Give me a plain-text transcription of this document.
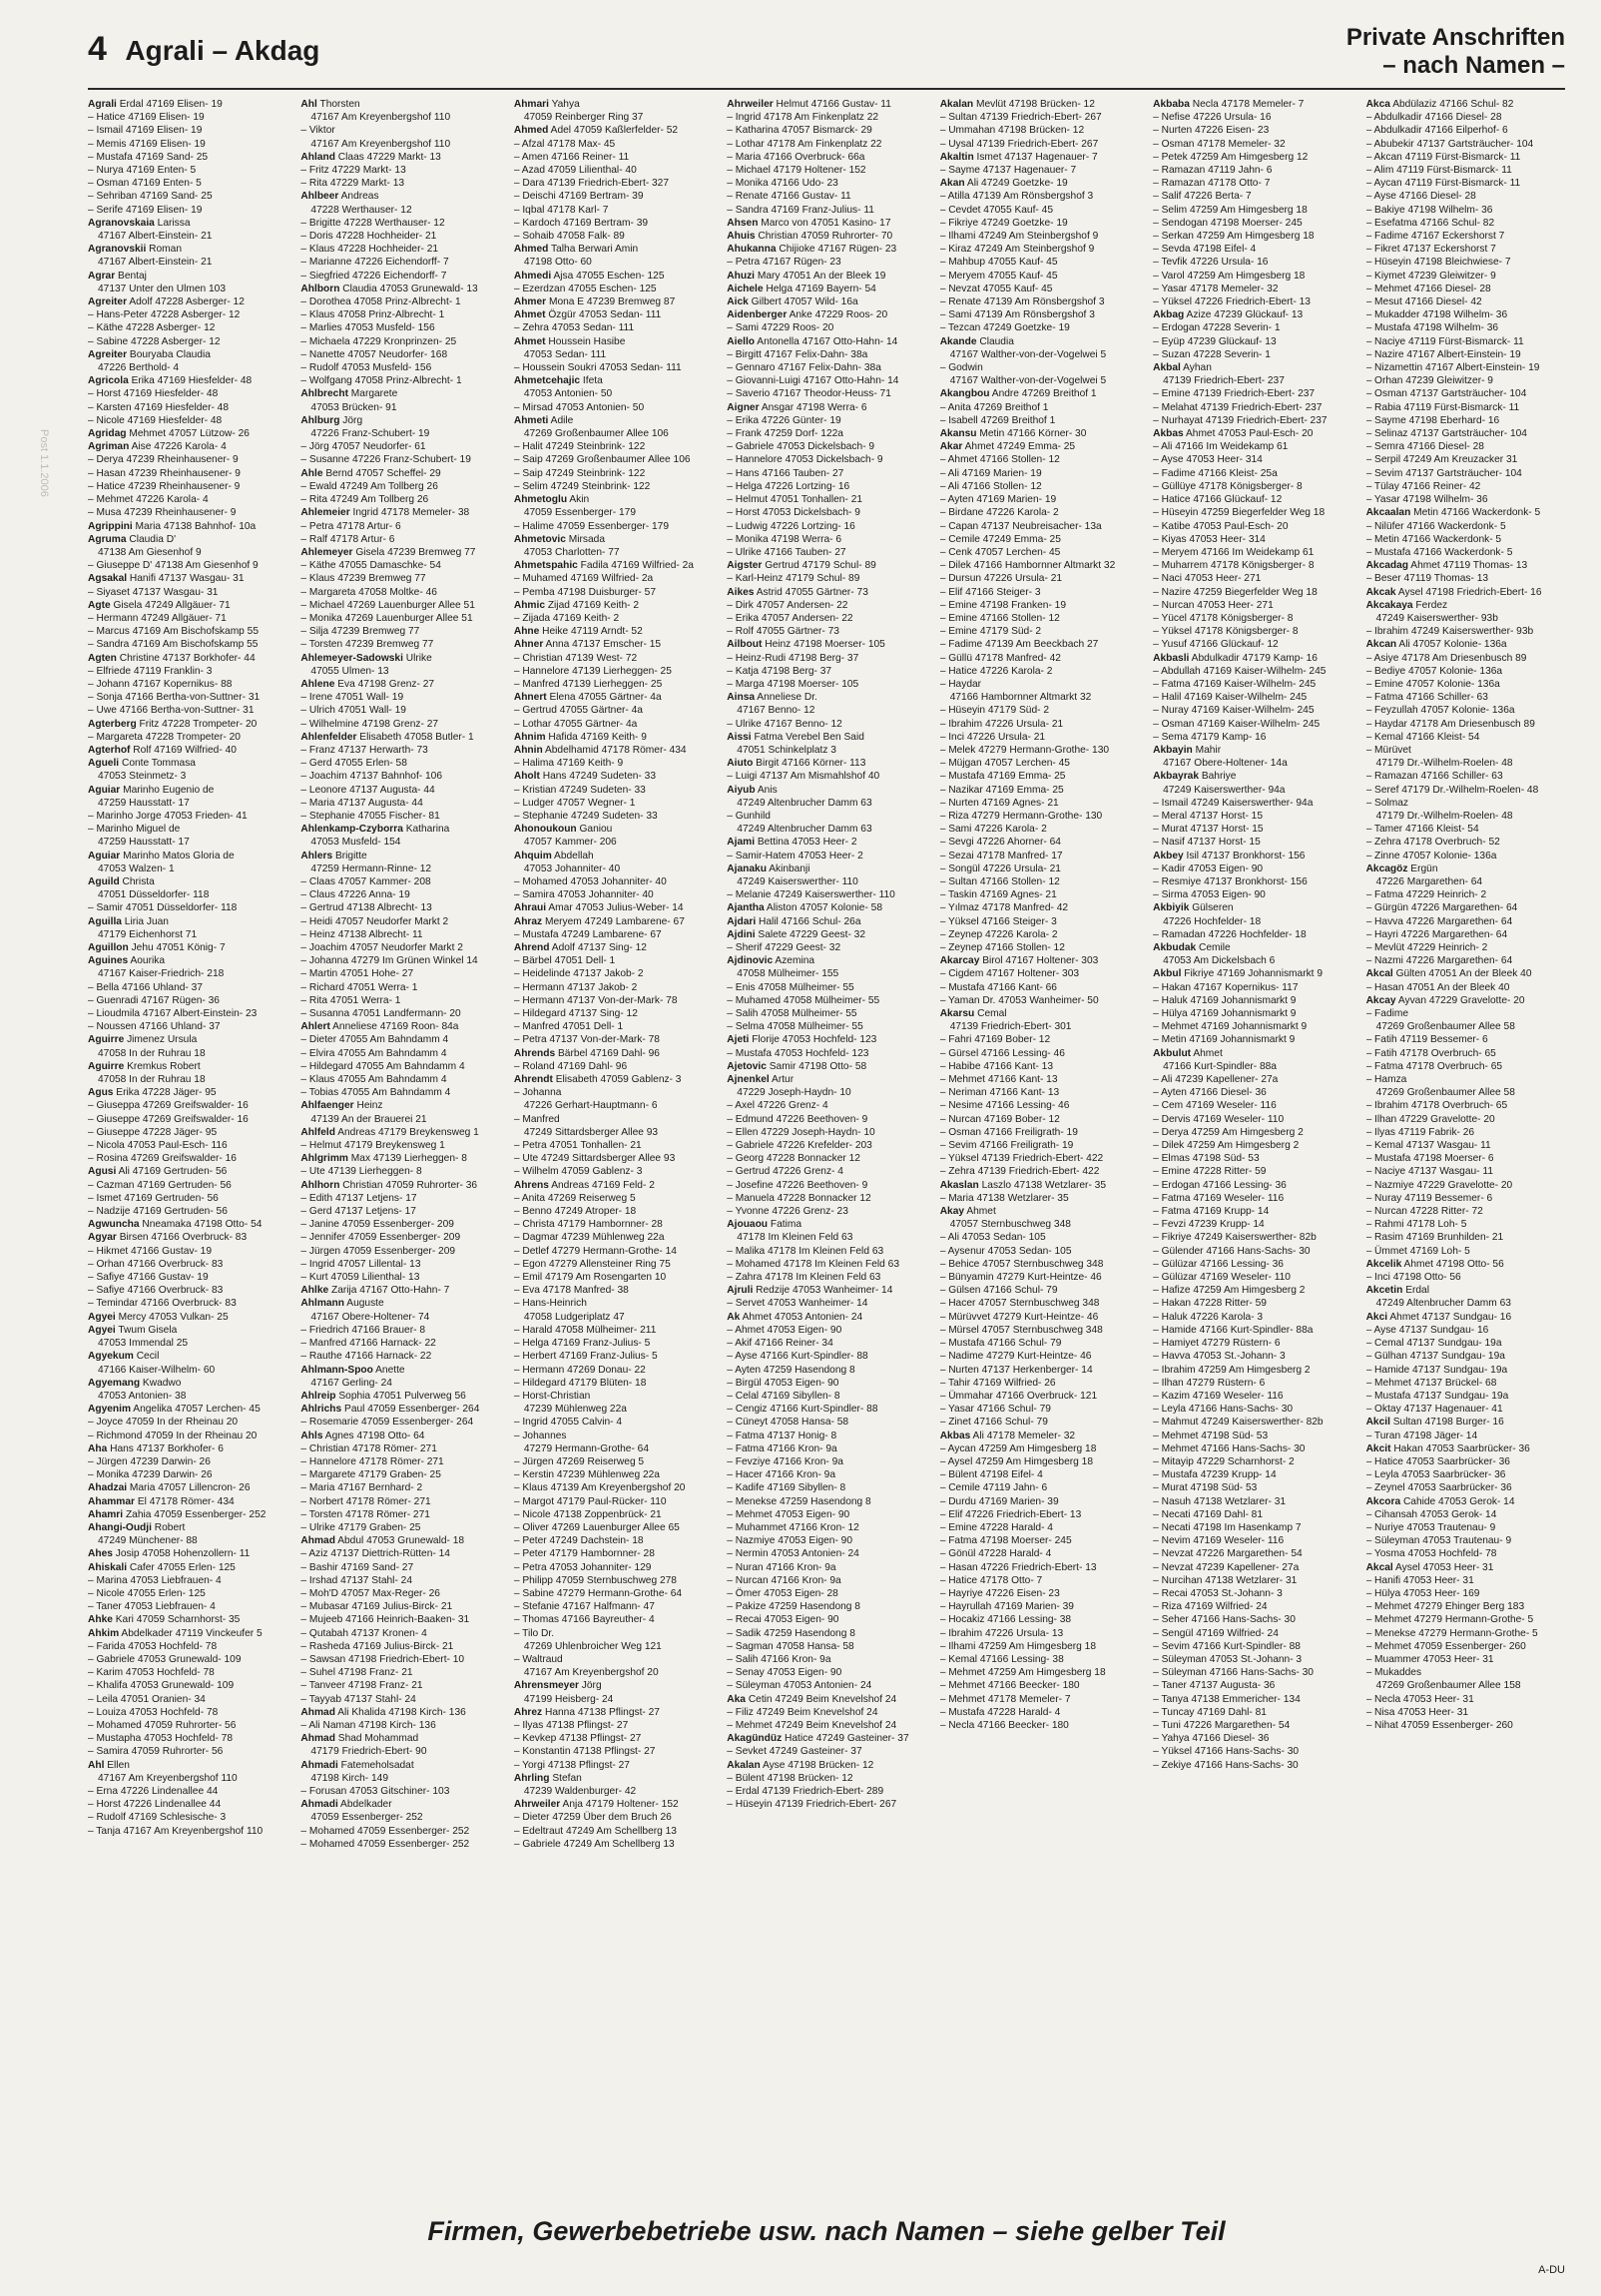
4 Agrali – Akdag	Private Anschriften
– nach Namen –
Post 1.1.2006
Agrali Erdal 47169 Elisen- 19
– Hatice 47169 Elisen- 19
– Ismail 47169 Elisen- 19
– Memis 47169 Elisen- 19
– Mustafa 47169 Sand- 25
– Nurya 47169 Enten- 5
– Osman 47169 Enten- 5
– Sehriban 47169 Sand- 25
– Serife 47169 Elisen- 19
Agranovskaia Larissa
47167 Albert-Einstein- 21
Agranovskii Roman
47167 Albert-Einstein- 21
Agrar Bentaj
47137 Unter den Ulmen 103
Agreiter Adolf 47228 Asberger- 12
– Hans-Peter 47228 Asberger- 12
– Käthe 47228 Asberger- 12
– Sabine 47228 Asberger- 12
Agreiter Bouryaba Claudia
47226 Berthold- 4
Agricola Erika 47169 Hiesfelder- 48
– Horst 47169 Hiesfelder- 48
– Karsten 47169 Hiesfelder- 48
– Nicole 47169 Hiesfelder- 48
Agridag Mehmet 47057 Lützow- 26
Agriman Aise 47226 Karola- 4
– Derya 47239 Rheinhausener- 9
– Hasan 47239 Rheinhausener- 9
– Hatice 47239 Rheinhausener- 9
– Mehmet 47226 Karola- 4
– Musa 47239 Rheinhausener- 9
Agrippini Maria 47138 Bahnhof- 10a
Agruma Claudia D'
47138 Am Giesenhof 9
– Giuseppe D' 47138 Am Giesenhof 9
Agsakal Hanifi 47137 Wasgau- 31
– Siyaset 47137 Wasgau- 31
Agte Gisela 47249 Allgäuer- 71
– Hermann 47249 Allgäuer- 71
– Marcus 47169 Am Bischofskamp 55
– Sandra 47169 Am Bischofskamp 55
Agten Christine 47137 Borkhofer- 44
– Elfriede 47119 Franklin- 3
– Johann 47167 Kopernikus- 88
– Sonja 47166 Bertha-von-Suttner- 31
– Uwe 47166 Bertha-von-Suttner- 31
Agterberg Fritz 47228 Trompeter- 20
– Margareta 47228 Trompeter- 20
Agterhof Rolf 47169 Wilfried- 40
Agueli Conte Tommasa
47053 Steinmetz- 3
Aguiar Marinho Eugenio de
47259 Hausstatt- 17
– Marinho Jorge 47053 Frieden- 41
– Marinho Miguel de
47259 Hausstatt- 17
Aguiar Marinho Matos Gloria de
47053 Walzen- 1
Aguild Christa
47051 Düsseldorfer- 118
– Samir 47051 Düsseldorfer- 118
Aguilla Liria Juan
47179 Eichenhorst 71
Aguillon Jehu 47051 König- 7
Aguines Aourika
47167 Kaiser-Friedrich- 218
– Bella 47166 Uhland- 37
– Guenradi 47167 Rügen- 36
– Lioudmila 47167 Albert-Einstein- 23
– Noussen 47166 Uhland- 37
Aguirre Jimenez Ursula
47058 In der Ruhrau 18
Aguirre Kremkus Robert
47058 In der Ruhrau 18
Agus Erika 47228 Jäger- 95
– Giuseppa 47269 Greifswalder- 16
– Giuseppe 47269 Greifswalder- 16
– Giuseppe 47228 Jäger- 95
– Nicola 47053 Paul-Esch- 116
– Rosina 47269 Greifswalder- 16
Agusi Ali 47169 Gertruden- 56
– Cazman 47169 Gertruden- 56
– Ismet 47169 Gertruden- 56
– Nadzije 47169 Gertruden- 56
Agwuncha Nneamaka 47198 Otto- 54
Agyar Birsen 47166 Overbruck- 83
– Hikmet 47166 Gustav- 19
– Orhan 47166 Overbruck- 83
– Safiye 47166 Gustav- 19
– Safiye 47166 Overbruck- 83
– Temindar 47166 Overbruck- 83
Agyei Mercy 47053 Vulkan- 25
Agyei Twum Gisela
47053 Immendal 25
Agyekum Cecil
47166 Kaiser-Wilhelm- 60
Agyemang Kwadwo
47053 Antonien- 38
Agyenim Angelika 47057 Lerchen- 45
– Joyce 47059 In der Rheinau 20
– Richmond 47059 In der Rheinau 20
Aha Hans 47137 Borkhofer- 6
– Jürgen 47239 Darwin- 26
– Monika 47239 Darwin- 26
Ahadzai Maria 47057 Lillencron- 26
Ahammar El 47178 Römer- 434
Ahamri Zahia 47059 Essenberger- 252
Ahangi-Oudji Robert
47249 Münchener- 88
Ahes Josip 47058 Hohenzollern- 11
Ahiskali Cafer 47055 Erlen- 125
– Marina 47053 Liebfrauen- 4
– Nicole 47055 Erlen- 125
– Taner 47053 Liebfrauen- 4
Ahke Kari 47059 Scharnhorst- 35
Ahkim Abdelkader 47119 Vinckeufer 5
– Farida 47053 Hochfeld- 78
– Gabriele 47053 Grunewald- 109
– Karim 47053 Hochfeld- 78
– Khalifa 47053 Grunewald- 109
– Leila 47051 Oranien- 34
– Louiza 47053 Hochfeld- 78
– Mohamed 47059 Ruhrorter- 56
– Mustapha 47053 Hochfeld- 78
– Samira 47059 Ruhrorter- 56
Ahl Ellen
47167 Am Kreyenbergshof 110
– Erna 47226 Lindenallee 44
– Horst 47226 Lindenallee 44
– Rudolf 47169 Schlesische- 3
– Tanja 47167 Am Kreyenbergshof 110
Ahl Thorsten
47167 Am Kreyenbergshof 110
– Viktor
47167 Am Kreyenbergshof 110
Ahland Claas 47229 Markt- 13
– Fritz 47229 Markt- 13
– Rita 47229 Markt- 13
Ahlbeer Andreas
47228 Werthauser- 12
– Brigitte 47228 Werthauser- 12
– Doris 47228 Hochheider- 21
– Klaus 47228 Hochheider- 21
– Marianne 47226 Eichendorff- 7
– Siegfried 47226 Eichendorff- 7
Ahlborn Claudia 47053 Grunewald- 13
– Dorothea 47058 Prinz-Albrecht- 1
– Klaus 47058 Prinz-Albrecht- 1
– Marlies 47053 Musfeld- 156
– Michaela 47229 Kronprinzen- 25
– Nanette 47057 Neudorfer- 168
– Rudolf 47053 Musfeld- 156
– Wolfgang 47058 Prinz-Albrecht- 1
Ahlbrecht Margarete
47053 Brücken- 91
Ahlburg Jörg
47226 Franz-Schubert- 19
– Jörg 47057 Neudorfer- 61
– Susanne 47226 Franz-Schubert- 19
Ahle Bernd 47057 Scheffel- 29
– Ewald 47249 Am Tollberg 26
– Rita 47249 Am Tollberg 26
Ahlemeier Ingrid 47178 Memeler- 38
– Petra 47178 Artur- 6
– Ralf 47178 Artur- 6
Ahlemeyer Gisela 47239 Bremweg 77
– Käthe 47055 Damaschke- 54
– Klaus 47239 Bremweg 77
– Margareta 47058 Moltke- 46
– Michael 47269 Lauenburger Allee 51
– Monika 47269 Lauenburger Allee 51
– Silja 47239 Bremweg 77
– Torsten 47239 Bremweg 77
Ahlemeyer-Sadowski Ulrike
47055 Ulmen- 13
Ahlene Eva 47198 Grenz- 27
– Irene 47051 Wall- 19
– Ulrich 47051 Wall- 19
– Wilhelmine 47198 Grenz- 27
Ahlenfelder Elisabeth 47058 Butler- 1
– Franz 47137 Herwarth- 73
– Gerd 47055 Erlen- 58
– Joachim 47137 Bahnhof- 106
– Leonore 47137 Augusta- 44
– Maria 47137 Augusta- 44
– Stephanie 47055 Fischer- 81
Ahlenkamp-Czyborra Katharina
47053 Musfeld- 154
Ahlers Brigitte
47259 Hermann-Rinne- 12
– Claas 47057 Kammer- 208
– Claus 47226 Anna- 19
– Gertrud 47138 Albrecht- 13
– Heidi 47057 Neudorfer Markt 2
– Heinz 47138 Albrecht- 11
– Joachim 47057 Neudorfer Markt 2
– Johanna 47279 Im Grünen Winkel 14
– Martin 47051 Hohe- 27
– Richard 47051 Werra- 1
– Rita 47051 Werra- 1
– Susanna 47051 Landfermann- 20
Ahlert Anneliese 47169 Roon- 84a
– Dieter 47055 Am Bahndamm 4
– Elvira 47055 Am Bahndamm 4
– Hildegard 47055 Am Bahndamm 4
– Klaus 47055 Am Bahndamm 4
– Tobias 47055 Am Bahndamm 4
Ahlfaenger Heinz
47139 An der Brauerei 21
Ahlfeld Andreas 47179 Breykensweg 1
– Helmut 47179 Breykensweg 1
Ahlgrimm Max 47139 Lierheggen- 8
– Ute 47139 Lierheggen- 8
Ahlhorn Christian 47059 Ruhrorter- 36
– Edith 47137 Letjens- 17
– Gerd 47137 Letjens- 17
– Janine 47059 Essenberger- 209
– Jennifer 47059 Essenberger- 209
– Jürgen 47059 Essenberger- 209
– Ingrid 47057 Lillental- 13
– Kurt 47059 Lilienthal- 13
Ahlke Zarija 47167 Otto-Hahn- 7
Ahlmann Auguste
47167 Obere-Holtener- 74
– Friedrich 47166 Brauer- 8
– Manfred 47166 Harnack- 22
– Rauthe 47166 Harnack- 22
Ahlmann-Spoo Anette
47167 Gerling- 24
Ahlreip Sophia 47051 Pulverweg 56
Ahlrichs Paul 47059 Essenberger- 264
– Rosemarie 47059 Essenberger- 264
Ahls Agnes 47198 Otto- 64
– Christian 47178 Römer- 271
– Hannelore 47178 Römer- 271
– Margarete 47179 Graben- 25
– Maria 47167 Bernhard- 2
– Norbert 47178 Römer- 271
– Torsten 47178 Römer- 271
– Ulrike 47179 Graben- 25
Ahmad Abdul 47053 Grunewald- 18
– Aziz 47137 Diettrich-Rütten- 14
– Bashir 47169 Sand- 27
– Irshad 47137 Stahl- 24
– Moh'D 47057 Max-Reger- 26
– Mubasar 47169 Julius-Birck- 21
– Mujeeb 47166 Heinrich-Baaken- 31
– Qutabah 47137 Kronen- 4
– Rasheda 47169 Julius-Birck- 21
– Sawsan 47198 Friedrich-Ebert- 10
– Suhel 47198 Franz- 21
– Tanveer 47198 Franz- 21
– Tayyab 47137 Stahl- 24
Ahmad Ali Khalida 47198 Kirch- 136
– Ali Naman 47198 Kirch- 136
Ahmad Shad Mohammad
47179 Friedrich-Ebert- 90
Ahmadi Fatemeholsadat
47198 Kirch- 149
– Forusan 47053 Gitschiner- 103
Ahmadi Abdelkader
47059 Essenberger- 252
– Mohamed 47059 Essenberger- 252
– Mohamed 47059 Essenberger- 252
Ahmari Yahya
47059 Reinberger Ring 37
Ahmed Adel 47059 Kaßlerfelder- 52
– Afzal 47178 Max- 45
– Amen 47166 Reiner- 11
– Azad 47059 Lilienthal- 40
– Dara 47139 Friedrich-Ebert- 327
– Deischi 47169 Bertram- 39
– Iqbal 47178 Karl- 7
– Kardoch 47169 Bertram- 39
– Sohaib 47058 Falk- 89
Ahmed Talha Berwari Amin
47198 Otto- 60
Ahmedi Ajsa 47055 Eschen- 125
– Ezerdzan 47055 Eschen- 125
Ahmer Mona E 47239 Bremweg 87
Ahmet Özgür 47053 Sedan- 111
– Zehra 47053 Sedan- 111
Ahmet Houssein Hasibe
47053 Sedan- 111
– Houssein Soukri 47053 Sedan- 111
Ahmetcehajic Ifeta
47053 Antonien- 50
– Mirsad 47053 Antonien- 50
Ahmeti Adile
47269 Großenbaumer Allee 106
– Halit 47249 Steinbrink- 122
– Saip 47269 Großenbaumer Allee 106
– Saip 47249 Steinbrink- 122
– Selim 47249 Steinbrink- 122
Ahmetoglu Akin
47059 Essenberger- 179
– Halime 47059 Essenberger- 179
Ahmetovic Mirsada
47053 Charlotten- 77
Ahmetspahic Fadila 47169 Wilfried- 2a
– Muhamed 47169 Wilfried- 2a
– Pemba 47198 Duisburger- 57
Ahmic Zijad 47169 Keith- 2
– Zijada 47169 Keith- 2
Ahne Heike 47119 Arndt- 52
Ahner Anna 47137 Emscher- 15
– Christian 47139 West- 72
– Hannelore 47139 Lierheggen- 25
– Manfred 47139 Lierheggen- 25
Ahnert Elena 47055 Gärtner- 4a
– Gertrud 47055 Gärtner- 4a
– Lothar 47055 Gärtner- 4a
Ahnim Hafida 47169 Keith- 9
Ahnin Abdelhamid 47178 Römer- 434
– Halima 47169 Keith- 9
Aholt Hans 47249 Sudeten- 33
– Kristian 47249 Sudeten- 33
– Ludger 47057 Wegner- 1
– Stephanie 47249 Sudeten- 33
Ahonoukoun Ganiou
47057 Kammer- 206
Ahquim Abdellah
47053 Johanniter- 40
– Mohamed 47053 Johanniter- 40
– Samira 47053 Johanniter- 40
Ahraui Amar 47053 Julius-Weber- 14
Ahraz Meryem 47249 Lambarene- 67
– Mustafa 47249 Lambarene- 67
Ahrend Adolf 47137 Sing- 12
– Bärbel 47051 Dell- 1
– Heidelinde 47137 Jakob- 2
– Hermann 47137 Jakob- 2
– Hermann 47137 Von-der-Mark- 78
– Hildegard 47137 Sing- 12
– Manfred 47051 Dell- 1
– Petra 47137 Von-der-Mark- 78
Ahrends Bärbel 47169 Dahl- 96
– Roland 47169 Dahl- 96
Ahrendt Elisabeth 47059 Gablenz- 3
– Johanna
47226 Gerhart-Hauptmann- 6
– Manfred
47249 Sittardsberger Allee 93
– Petra 47051 Tonhallen- 21
– Ute 47249 Sittardsberger Allee 93
– Wilhelm 47059 Gablenz- 3
Ahrens Andreas 47169 Feld- 2
– Anita 47269 Reiserweg 5
– Benno 47249 Atroper- 18
– Christa 47179 Hambornner- 28
– Dagmar 47239 Mühlenweg 22a
– Detlef 47279 Hermann-Grothe- 14
– Egon 47279 Allensteiner Ring 75
– Emil 47179 Am Rosengarten 10
– Eva 47178 Manfred- 38
– Hans-Heinrich
47058 Ludgeriplatz 47
– Harald 47058 Mülheimer- 211
– Helga 47169 Franz-Julius- 5
– Herbert 47169 Franz-Julius- 5
– Hermann 47269 Donau- 22
– Hildegard 47179 Blüten- 18
– Horst-Christian
47239 Mühlenweg 22a
– Ingrid 47055 Calvin- 4
– Johannes
47279 Hermann-Grothe- 64
– Jürgen 47269 Reiserweg 5
– Kerstin 47239 Mühlenweg 22a
– Klaus 47139 Am Kreyenbergshof 20
– Margot 47179 Paul-Rücker- 110
– Nicole 47138 Zoppenbrück- 21
– Oliver 47269 Lauenburger Allee 65
– Peter 47249 Dachstein- 18
– Peter 47179 Hambornner- 28
– Petra 47053 Johanniter- 129
– Philipp 47059 Sternbuschweg 278
– Sabine 47279 Hermann-Grothe- 64
– Stefanie 47167 Halfmann- 47
– Thomas 47166 Bayreuther- 4
– Tilo Dr.
47269 Uhlenbroicher Weg 121
– Waltraud
47167 Am Kreyenbergshof 20
Ahrensmeyer Jörg
47199 Heisberg- 24
Ahrez Hanna 47138 Pflingst- 27
– Ilyas 47138 Pflingst- 27
– Kevkep 47138 Pflingst- 27
– Konstantin 47138 Pflingst- 27
– Yorgi 47138 Pflingst- 27
Ahrling Stefan
47239 Waldenburger- 42
Ahrweiler Anja 47179 Holtener- 152
– Dieter 47259 Über dem Bruch 26
– Edeltraut 47249 Am Schellberg 13
– Gabriele 47249 Am Schellberg 13
Ahrweiler Helmut 47166 Gustav- 11
– Ingrid 47178 Am Finkenplatz 22
– Katharina 47057 Bismarck- 29
– Lothar 47178 Am Finkenplatz 22
– Maria 47166 Overbruck- 66a
– Michael 47179 Holtener- 152
– Monika 47166 Udo- 23
– Renate 47166 Gustav- 11
– Sandra 47169 Franz-Julius- 11
Ahsen Marco von 47051 Kasino- 17
Ahuis Christian 47059 Ruhrorter- 70
Ahukanna Chijioke 47167 Rügen- 23
– Petra 47167 Rügen- 23
Ahuzi Mary 47051 An der Bleek 19
Aichele Helga 47169 Bayern- 54
Aick Gilbert 47057 Wild- 16a
Aidenberger Anke 47229 Roos- 20
– Sami 47229 Roos- 20
Aiello Antonella 47167 Otto-Hahn- 14
– Birgitt 47167 Felix-Dahn- 38a
– Gennaro 47167 Felix-Dahn- 38a
– Giovanni-Luigi 47167 Otto-Hahn- 14
– Saverio 47167 Theodor-Heuss- 71
Aigner Ansgar 47198 Werra- 6
– Erika 47226 Günter- 19
– Frank 47259 Dorf- 122a
– Gabriele 47053 Dickelsbach- 9
– Hannelore 47053 Dickelsbach- 9
– Hans 47166 Tauben- 27
– Helga 47226 Lortzing- 16
– Helmut 47051 Tonhallen- 21
– Horst 47053 Dickelsbach- 9
– Ludwig 47226 Lortzing- 16
– Monika 47198 Werra- 6
– Ulrike 47166 Tauben- 27
Aigster Gertrud 47179 Schul- 89
– Karl-Heinz 47179 Schul- 89
Aikes Astrid 47055 Gärtner- 73
– Dirk 47057 Andersen- 22
– Erika 47057 Andersen- 22
– Rolf 47055 Gärtner- 73
Ailbout Heinz 47198 Moerser- 105
– Heinz-Rudi 47198 Berg- 37
– Katja 47198 Berg- 37
– Marga 47198 Moerser- 105
Ainsa Anneliese Dr.
47167 Benno- 12
– Ulrike 47167 Benno- 12
Aissi Fatma Verebel Ben Said
47051 Schinkelplatz 3
Aiuto Birgit 47166 Körner- 113
– Luigi 47137 Am Mismahlshof 40
Aiyub Anis
47249 Altenbrucher Damm 63
– Gunhild
47249 Altenbrucher Damm 63
Ajami Bettina 47053 Heer- 2
– Samir-Hatem 47053 Heer- 2
Ajanaku Akinbanji
47249 Kaiserswerther- 110
– Melanie 47249 Kaiserswerther- 110
Ajantha Aliston 47057 Kolonie- 58
Ajdari Halil 47166 Schul- 26a
Ajdini Salete 47229 Geest- 32
– Sherif 47229 Geest- 32
Ajdinovic Azemina
47058 Mülheimer- 155
– Enis 47058 Mülheimer- 55
– Muhamed 47058 Mülheimer- 55
– Salih 47058 Mülheimer- 55
– Selma 47058 Mülheimer- 55
Ajeti Florije 47053 Hochfeld- 123
– Mustafa 47053 Hochfeld- 123
Ajetovic Samir 47198 Otto- 58
Ajnenkel Artur
47229 Joseph-Haydn- 10
– Axel 47226 Grenz- 4
– Edmund 47226 Beethoven- 9
– Ellen 47229 Joseph-Haydn- 10
– Gabriele 47226 Krefelder- 203
– Georg 47228 Bonnacker 12
– Gertrud 47226 Grenz- 4
– Josefine 47226 Beethoven- 9
– Manuela 47228 Bonnacker 12
– Yvonne 47226 Grenz- 23
Ajouaou Fatima
47178 Im Kleinen Feld 63
– Malika 47178 Im Kleinen Feld 63
– Mohamed 47178 Im Kleinen Feld 63
– Zahra 47178 Im Kleinen Feld 63
Ajruli Redzije 47053 Wanheimer- 14
– Servet 47053 Wanheimer- 14
Ak Ahmet 47053 Antonien- 24
– Ahmet 47053 Eigen- 90
– Akif 47166 Reiner- 34
– Ayse 47166 Kurt-Spindler- 88
– Ayten 47259 Hasendong 8
– Birgül 47053 Eigen- 90
– Celal 47169 Sibyllen- 8
– Cengiz 47166 Kurt-Spindler- 88
– Cüneyt 47058 Hansa- 58
– Fatma 47137 Honig- 8
– Fatma 47166 Kron- 9a
– Fevziye 47166 Kron- 9a
– Hacer 47166 Kron- 9a
– Kadife 47169 Sibyllen- 8
– Menekse 47259 Hasendong 8
– Mehmet 47053 Eigen- 90
– Muhammet 47166 Kron- 12
– Nazmiye 47053 Eigen- 90
– Nermin 47053 Antonien- 24
– Nuran 47166 Kron- 9a
– Nurcan 47166 Kron- 9a
– Ömer 47053 Eigen- 28
– Pakize 47259 Hasendong 8
– Recai 47053 Eigen- 90
– Sadik 47259 Hasendong 8
– Sagman 47058 Hansa- 58
– Salih 47166 Kron- 9a
– Senay 47053 Eigen- 90
– Süleyman 47053 Antonien- 24
Aka Cetin 47249 Beim Knevelshof 24
– Filiz 47249 Beim Knevelshof 24
– Mehmet 47249 Beim Knevelshof 24
Akagündüz Hatice 47249 Gasteiner- 37
– Sevket 47249 Gasteiner- 37
Akalan Ayse 47198 Brücken- 12
– Bülent 47198 Brücken- 12
– Erdal 47139 Friedrich-Ebert- 289
– Hüseyin 47139 Friedrich-Ebert- 267
Akalan Mevlüt 47198 Brücken- 12
– Sultan 47139 Friedrich-Ebert- 267
– Ummahan 47198 Brücken- 12
– Uysal 47139 Friedrich-Ebert- 267
Akaltin Ismet 47137 Hagenauer- 7
– Sayme 47137 Hagenauer- 7
Akan Ali 47249 Goetzke- 19
– Atilla 47139 Am Rönsbergshof 3
– Cevdet 47055 Kauf- 45
– Fikriye 47249 Goetzke- 19
– Ilhami 47249 Am Steinbergshof 9
– Kiraz 47249 Am Steinbergshof 9
– Mahbup 47055 Kauf- 45
– Meryem 47055 Kauf- 45
– Nevzat 47055 Kauf- 45
– Renate 47139 Am Rönsbergshof 3
– Sami 47139 Am Rönsbergshof 3
– Tezcan 47249 Goetzke- 19
Akande Claudia
47167 Walther-von-der-Vogelwei 5
– Godwin
47167 Walther-von-der-Vogelwei 5
Akangbou Andre 47269 Breithof 1
– Anita 47269 Breithof 1
– Isabell 47269 Breithof 1
Akansu Metin 47166 Körner- 30
Akar Ahmet 47249 Emma- 25
– Ahmet 47166 Stollen- 12
– Ali 47169 Marien- 19
– Ali 47166 Stollen- 12
– Ayten 47169 Marien- 19
– Birdane 47226 Karola- 2
– Capan 47137 Neubreisacher- 13a
– Cemile 47249 Emma- 25
– Cenk 47057 Lerchen- 45
– Dilek 47166 Hambornner Altmarkt 32
– Dursun 47226 Ursula- 21
– Elif 47166 Steiger- 3
– Emine 47198 Franken- 19
– Emine 47166 Stollen- 12
– Emine 47179 Süd- 2
– Fadime 47139 Am Beeckbach 27
– Güllü 47178 Manfred- 42
– Hatice 47226 Karola- 2
– Haydar
47166 Hambornner Altmarkt 32
– Hüseyin 47179 Süd- 2
– Ibrahim 47226 Ursula- 21
– Inci 47226 Ursula- 21
– Melek 47279 Hermann-Grothe- 130
– Müjgan 47057 Lerchen- 45
– Mustafa 47169 Emma- 25
– Nazikar 47169 Emma- 25
– Nurten 47169 Agnes- 21
– Riza 47279 Hermann-Grothe- 130
– Sami 47226 Karola- 2
– Sevgi 47226 Ahorner- 64
– Sezai 47178 Manfred- 17
– Songül 47226 Ursula- 21
– Sultan 47166 Stollen- 12
– Taskin 47169 Agnes- 21
– Yılmaz 47178 Manfred- 42
– Yüksel 47166 Steiger- 3
– Zeynep 47226 Karola- 2
– Zeynep 47166 Stollen- 12
Akarcay Birol 47167 Holtener- 303
– Cigdem 47167 Holtener- 303
– Mustafa 47166 Kant- 66
– Yaman Dr. 47053 Wanheimer- 50
Akarsu Cemal
47139 Friedrich-Ebert- 301
– Fahri 47169 Bober- 12
– Gürsel 47166 Lessing- 46
– Habibe 47166 Kant- 13
– Mehmet 47166 Kant- 13
– Neriman 47166 Kant- 13
– Nesime 47166 Lessing- 46
– Nurcan 47169 Bober- 12
– Osman 47166 Freiligrath- 19
– Sevim 47166 Freiligrath- 19
– Yüksel 47139 Friedrich-Ebert- 422
– Zehra 47139 Friedrich-Ebert- 422
Akaslan Laszlo 47138 Wetzlarer- 35
– Maria 47138 Wetzlarer- 35
Akay Ahmet
47057 Sternbuschweg 348
– Ali 47053 Sedan- 105
– Aysenur 47053 Sedan- 105
– Behice 47057 Sternbuschweg 348
– Bünyamin 47279 Kurt-Heintze- 46
– Gülsen 47166 Schul- 79
– Hacer 47057 Sternbuschweg 348
– Mürüvvet 47279 Kurt-Heintze- 46
– Mürsel 47057 Sternbuschweg 348
– Mustafa 47166 Schul- 79
– Nadime 47279 Kurt-Heintze- 46
– Nurten 47137 Herkenberger- 14
– Tahir 47169 Wilfried- 26
– Ümmahar 47166 Overbruck- 121
– Yasar 47166 Schul- 79
– Zinet 47166 Schul- 79
Akbas Ali 47178 Memeler- 32
– Aycan 47259 Am Himgesberg 18
– Aysel 47259 Am Himgesberg 18
– Bülent 47198 Eifel- 4
– Cemile 47119 Jahn- 6
– Durdu 47169 Marien- 39
– Elif 47226 Friedrich-Ebert- 13
– Emine 47228 Harald- 4
– Fatma 47198 Moerser- 245
– Gönül 47228 Harald- 4
– Hasan 47226 Friedrich-Ebert- 13
– Hatice 47178 Otto- 7
– Hayriye 47226 Eisen- 23
– Hayrullah 47169 Marien- 39
– Hocakiz 47166 Lessing- 38
– Ibrahim 47226 Ursula- 13
– Ilhami 47259 Am Himgesberg 18
– Kemal 47166 Lessing- 38
– Mehmet 47259 Am Himgesberg 18
– Mehmet 47166 Beecker- 180
– Mehmet 47178 Memeler- 7
– Mustafa 47228 Harald- 4
– Necla 47166 Beecker- 180
Akbaba Necla 47178 Memeler- 7
– Nefise 47226 Ursula- 16
– Nurten 47226 Eisen- 23
– Osman 47178 Memeler- 32
– Petek 47259 Am Himgesberg 12
– Ramazan 47119 Jahn- 6
– Ramazan 47178 Otto- 7
– Salif 47226 Berta- 7
– Selim 47259 Am Himgesberg 18
– Sendogan 47198 Moerser- 245
– Serkan 47259 Am Himgesberg 18
– Sevda 47198 Eifel- 4
– Tevfik 47226 Ursula- 16
– Varol 47259 Am Himgesberg 18
– Yasar 47178 Memeler- 32
– Yüksel 47226 Friedrich-Ebert- 13
Akbag Azize 47239 Glückauf- 13
– Erdogan 47228 Severin- 1
– Eyüp 47239 Glückauf- 13
– Suzan 47228 Severin- 1
Akbal Ayhan
47139 Friedrich-Ebert- 237
– Emine 47139 Friedrich-Ebert- 237
– Melahat 47139 Friedrich-Ebert- 237
– Nurhayat 47139 Friedrich-Ebert- 237
Akbas Ahmet 47053 Paul-Esch- 20
– Ali 47166 Im Weidekamp 61
– Ayse 47053 Heer- 314
– Fadime 47166 Kleist- 25a
– Güllüye 47178 Königsberger- 8
– Hatice 47166 Glückauf- 12
– Hüseyin 47259 Biegerfelder Weg 18
– Katibe 47053 Paul-Esch- 20
– Kiyas 47053 Heer- 314
– Meryem 47166 Im Weidekamp 61
– Muharrem 47178 Königsberger- 8
– Naci 47053 Heer- 271
– Nazire 47259 Biegerfelder Weg 18
– Nurcan 47053 Heer- 271
– Yücel 47178 Königsberger- 8
– Yüksel 47178 Königsberger- 8
– Yusuf 47166 Glückauf- 12
Akbasli Abdulkadir 47179 Kamp- 16
– Abdullah 47169 Kaiser-Wilhelm- 245
– Fatma 47169 Kaiser-Wilhelm- 245
– Halil 47169 Kaiser-Wilhelm- 245
– Nuray 47169 Kaiser-Wilhelm- 245
– Osman 47169 Kaiser-Wilhelm- 245
– Sema 47179 Kamp- 16
Akbayin Mahir
47167 Obere-Holtener- 14a
Akbayrak Bahriye
47249 Kaiserswerther- 94a
– Ismail 47249 Kaiserswerther- 94a
– Meral 47137 Horst- 15
– Murat 47137 Horst- 15
– Nasif 47137 Horst- 15
Akbey Isil 47137 Bronkhorst- 156
– Kadir 47053 Eigen- 90
– Resmiye 47137 Bronkhorst- 156
– Sirma 47053 Eigen- 90
Akbiyik Gülseren
47226 Hochfelder- 18
– Ramadan 47226 Hochfelder- 18
Akbudak Cemile
47053 Am Dickelsbach 6
Akbul Fikriye 47169 Johannismarkt 9
– Hakan 47167 Kopernikus- 117
– Haluk 47169 Johannismarkt 9
– Hülya 47169 Johannismarkt 9
– Mehmet 47169 Johannismarkt 9
– Metin 47169 Johannismarkt 9
Akbulut Ahmet
47166 Kurt-Spindler- 88a
– Ali 47239 Kapellener- 27a
– Ayten 47166 Diesel- 36
– Cem 47169 Weseler- 116
– Dervis 47169 Weseler- 110
– Derya 47259 Am Himgesberg 2
– Dilek 47259 Am Himgesberg 2
– Elmas 47198 Süd- 53
– Emine 47228 Ritter- 59
– Erdogan 47166 Lessing- 36
– Fatma 47169 Weseler- 116
– Fatma 47169 Krupp- 14
– Fevzi 47239 Krupp- 14
– Fikriye 47249 Kaiserswerther- 82b
– Gülender 47166 Hans-Sachs- 30
– Gülüzar 47166 Lessing- 36
– Gülüzar 47169 Weseler- 110
– Hafize 47259 Am Himgesberg 2
– Hakan 47228 Ritter- 59
– Haluk 47226 Karola- 3
– Hamide 47166 Kurt-Spindler- 88a
– Hamiyet 47279 Rüstern- 6
– Havva 47053 St.-Johann- 3
– Ibrahim 47259 Am Himgesberg 2
– Ilhan 47279 Rüstern- 6
– Kazim 47169 Weseler- 116
– Leyla 47166 Hans-Sachs- 30
– Mahmut 47249 Kaiserswerther- 82b
– Mehmet 47198 Süd- 53
– Mehmet 47166 Hans-Sachs- 30
– Mitayip 47229 Scharnhorst- 2
– Mustafa 47239 Krupp- 14
– Murat 47198 Süd- 53
– Nasuh 47138 Wetzlarer- 31
– Necati 47169 Dahl- 81
– Necati 47198 Im Hasenkamp 7
– Nevim 47169 Weseler- 116
– Nevzat 47226 Margarethen- 54
– Nevzat 47239 Kapellener- 27a
– Nurcihan 47138 Wetzlarer- 31
– Recai 47053 St.-Johann- 3
– Riza 47169 Wilfried- 24
– Seher 47166 Hans-Sachs- 30
– Sengül 47169 Wilfried- 24
– Sevim 47166 Kurt-Spindler- 88
– Süleyman 47053 St.-Johann- 3
– Süleyman 47166 Hans-Sachs- 30
– Taner 47137 Augusta- 36
– Tanya 47138 Emmericher- 134
– Tuncay 47169 Dahl- 81
– Tuni 47226 Margarethen- 54
– Yahya 47166 Diesel- 36
– Yüksel 47166 Hans-Sachs- 30
– Zekiye 47166 Hans-Sachs- 30
Akca Abdülaziz 47166 Schul- 82
– Abdulkadir 47166 Diesel- 28
– Abdulkadir 47166 Eilperhof- 6
– Abubekir 47137 Gartsträucher- 104
– Akcan 47119 Fürst-Bismarck- 11
– Alim 47119 Fürst-Bismarck- 11
– Aycan 47119 Fürst-Bismarck- 11
– Ayse 47166 Diesel- 28
– Bakiye 47198 Wilhelm- 36
– Esefatma 47166 Schul- 82
– Fadime 47167 Eckershorst 7
– Fikret 47137 Eckershorst 7
– Hüseyin 47198 Bleichwiese- 7
– Kiymet 47239 Gleiwitzer- 9
– Mehmet 47166 Diesel- 28
– Mesut 47166 Diesel- 42
– Mukadder 47198 Wilhelm- 36
– Mustafa 47198 Wilhelm- 36
– Naciye 47119 Fürst-Bismarck- 11
– Nazire 47167 Albert-Einstein- 19
– Nizamettin 47167 Albert-Einstein- 19
– Orhan 47239 Gleiwitzer- 9
– Osman 47137 Gartsträucher- 104
– Rabia 47119 Fürst-Bismarck- 11
– Sayme 47198 Eberhard- 16
– Selinaz 47137 Gartsträucher- 104
– Semra 47166 Diesel- 28
– Serpil 47249 Am Kreuzacker 31
– Sevim 47137 Gartsträucher- 104
– Tülay 47166 Reiner- 42
– Yasar 47198 Wilhelm- 36
Akcaalan Metin 47166 Wackerdonk- 5
– Nilüfer 47166 Wackerdonk- 5
– Metin 47166 Wackerdonk- 5
– Mustafa 47166 Wackerdonk- 5
Akcadag Ahmet 47119 Thomas- 13
– Beser 47119 Thomas- 13
Akcak Aysel 47198 Friedrich-Ebert- 16
Akcakaya Ferdez
47249 Kaiserswerther- 93b
– Ibrahim 47249 Kaiserswerther- 93b
Akcan Ali 47057 Kolonie- 136a
– Asiye 47178 Am Driesenbusch 89
– Bediye 47057 Kolonie- 136a
– Emine 47057 Kolonie- 136a
– Fatma 47166 Schiller- 63
– Feyzullah 47057 Kolonie- 136a
– Haydar 47178 Am Driesenbusch 89
– Kemal 47166 Kleist- 54
– Mürüvet
47179 Dr.-Wilhelm-Roelen- 48
– Ramazan 47166 Schiller- 63
– Seref 47179 Dr.-Wilhelm-Roelen- 48
– Solmaz
47179 Dr.-Wilhelm-Roelen- 48
– Tamer 47166 Kleist- 54
– Zehra 47178 Overbruch- 52
– Zinne 47057 Kolonie- 136a
Akcagöz Ergün
47226 Margarethen- 64
– Fatma 47229 Heinrich- 2
– Gürgün 47226 Margarethen- 64
– Havva 47226 Margarethen- 64
– Hayri 47226 Margarethen- 64
– Mevlüt 47229 Heinrich- 2
– Nazmi 47226 Margarethen- 64
Akcal Gülten 47051 An der Bleek 40
– Hasan 47051 An der Bleek 40
Akcay Ayvan 47229 Gravelotte- 20
– Fadime
47269 Großenbaumer Allee 58
– Fatih 47119 Bessemer- 6
– Fatih 47178 Overbruch- 65
– Fatma 47178 Overbruch- 65
– Hamza
47269 Großenbaumer Allee 58
– Ibrahim 47178 Overbruch- 65
– Ilhan 47229 Gravelotte- 20
– Ilyas 47119 Fabrik- 26
– Kemal 47137 Wasgau- 11
– Mustafa 47198 Moerser- 6
– Naciye 47137 Wasgau- 11
– Nazmiye 47229 Gravelotte- 20
– Nuray 47119 Bessemer- 6
– Nurcan 47228 Ritter- 72
– Rahmi 47178 Loh- 5
– Rasim 47169 Brunhilden- 21
– Ümmet 47169 Loh- 5
Akcelik Ahmet 47198 Otto- 56
– Inci 47198 Otto- 56
Akcetin Erdal
47249 Altenbrucher Damm 63
Akci Ahmet 47137 Sundgau- 16
– Ayse 47137 Sundgau- 16
– Cemal 47137 Sundgau- 19a
– Gülhan 47137 Sundgau- 19a
– Hamide 47137 Sundgau- 19a
– Mehmet 47137 Brückel- 68
– Mustafa 47137 Sundgau- 19a
– Oktay 47137 Hagenauer- 41
Akcil Sultan 47198 Burger- 16
– Turan 47198 Jäger- 14
Akcit Hakan 47053 Saarbrücker- 36
– Hatice 47053 Saarbrücker- 36
– Leyla 47053 Saarbrücker- 36
– Zeynel 47053 Saarbrücker- 36
Akcora Cahide 47053 Gerok- 14
– Cihansah 47053 Gerok- 14
– Nuriye 47053 Trautenau- 9
– Süleyman 47053 Trautenau- 9
– Yosma 47053 Hochfeld- 78
Akcal Aysel 47053 Heer- 31
– Hanifi 47053 Heer- 31
– Hülya 47053 Heer- 169
– Mehmet 47279 Ehinger Berg 183
– Mehmet 47279 Hermann-Grothe- 5
– Menekse 47279 Hermann-Grothe- 5
– Mehmet 47059 Essenberger- 260
– Muammer 47053 Heer- 31
– Mukaddes
47269 Großenbaumer Allee 158
– Necla 47053 Heer- 31
– Nisa 47053 Heer- 31
– Nihat 47059 Essenberger- 260
Firmen, Gewerbebetriebe usw. nach Namen – siehe gelber Teil
A-DU
